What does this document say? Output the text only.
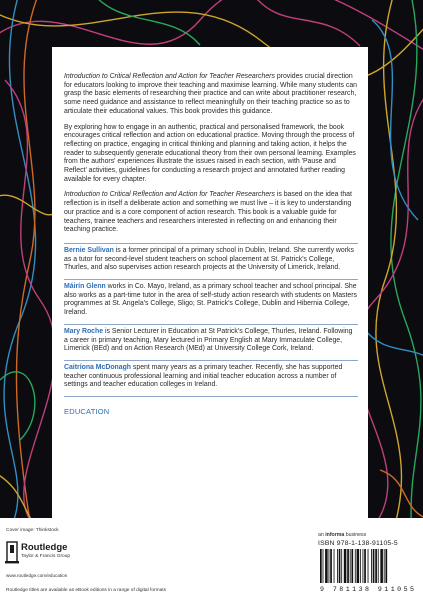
Introduction to Critical Reflection and Action for Teacher Researchers provides crucial direction for educators looking to improve their teaching and maximise learning. While many students can grasp the basic elements of researching their practice and can write about practitioner research, some need guidance and assistance to reflect meaningfully on their teaching practice so as to articulate their educational values. This book provides this guidance.

By exploring how to engage in an authentic, practical and personalised framework, the book encourages critical reflection and action on educational practice. Moving through the process of reflecting on practice, engaging in critical thinking and planning and taking action, it helps the reader to subsequently generate educational theory from their own personal learning. Examples from the authors' experiences illustrate the issues raised in each section, with 'Pause and Reflect' activities, guidelines for conducting a research project and annotated further reading available for every chapter.

Introduction to Critical Reflection and Action for Teacher Researchers is based on the idea that reflection is in itself a deliberate action and something we must live – it is key to understanding our practice and is a core component of action research. This book is a valuable guide for teachers, trainee teachers and researchers interested in reflecting on and enhancing their teaching practice.

Bernie Sullivan is a former principal of a primary school in Dublin, Ireland. She currently works as a tutor for second-level student teachers on school placement at St. Patrick's College, Thurles, and also supervises action research projects at the University of Limerick, Ireland.
Máirín Glenn works in Co. Mayo, Ireland, as a primary school teacher and school principal. She also works as a part-time tutor in the area of self-study action research with students on Masters programmes at St. Angela's College, Sligo; St. Patrick's College, Dublin and Hibernia College, Ireland.
Mary Roche is Senior Lecturer in Education at St Patrick's College, Thurles, Ireland. Following a career in primary teaching, Mary lectured in Primary English at Mary Immaculate College, Limerick (BEd) and on Action Research (MEd) at University College Cork, Ireland.
Caitríona McDonagh spent many years as a primary teacher. Recently, she has supported teacher continuous professional learning and initial teacher education across a number of settings and teacher education colleges in Ireland.
EDUCATION
Cover image: Thinkstock
Routledge
Taylor & Francis Group
www.routledge.com/education
Routledge titles are available as eBook editions in a range of digital formats
an informa business
ISBN 978-1-138-91105-5
9 781138 911055
